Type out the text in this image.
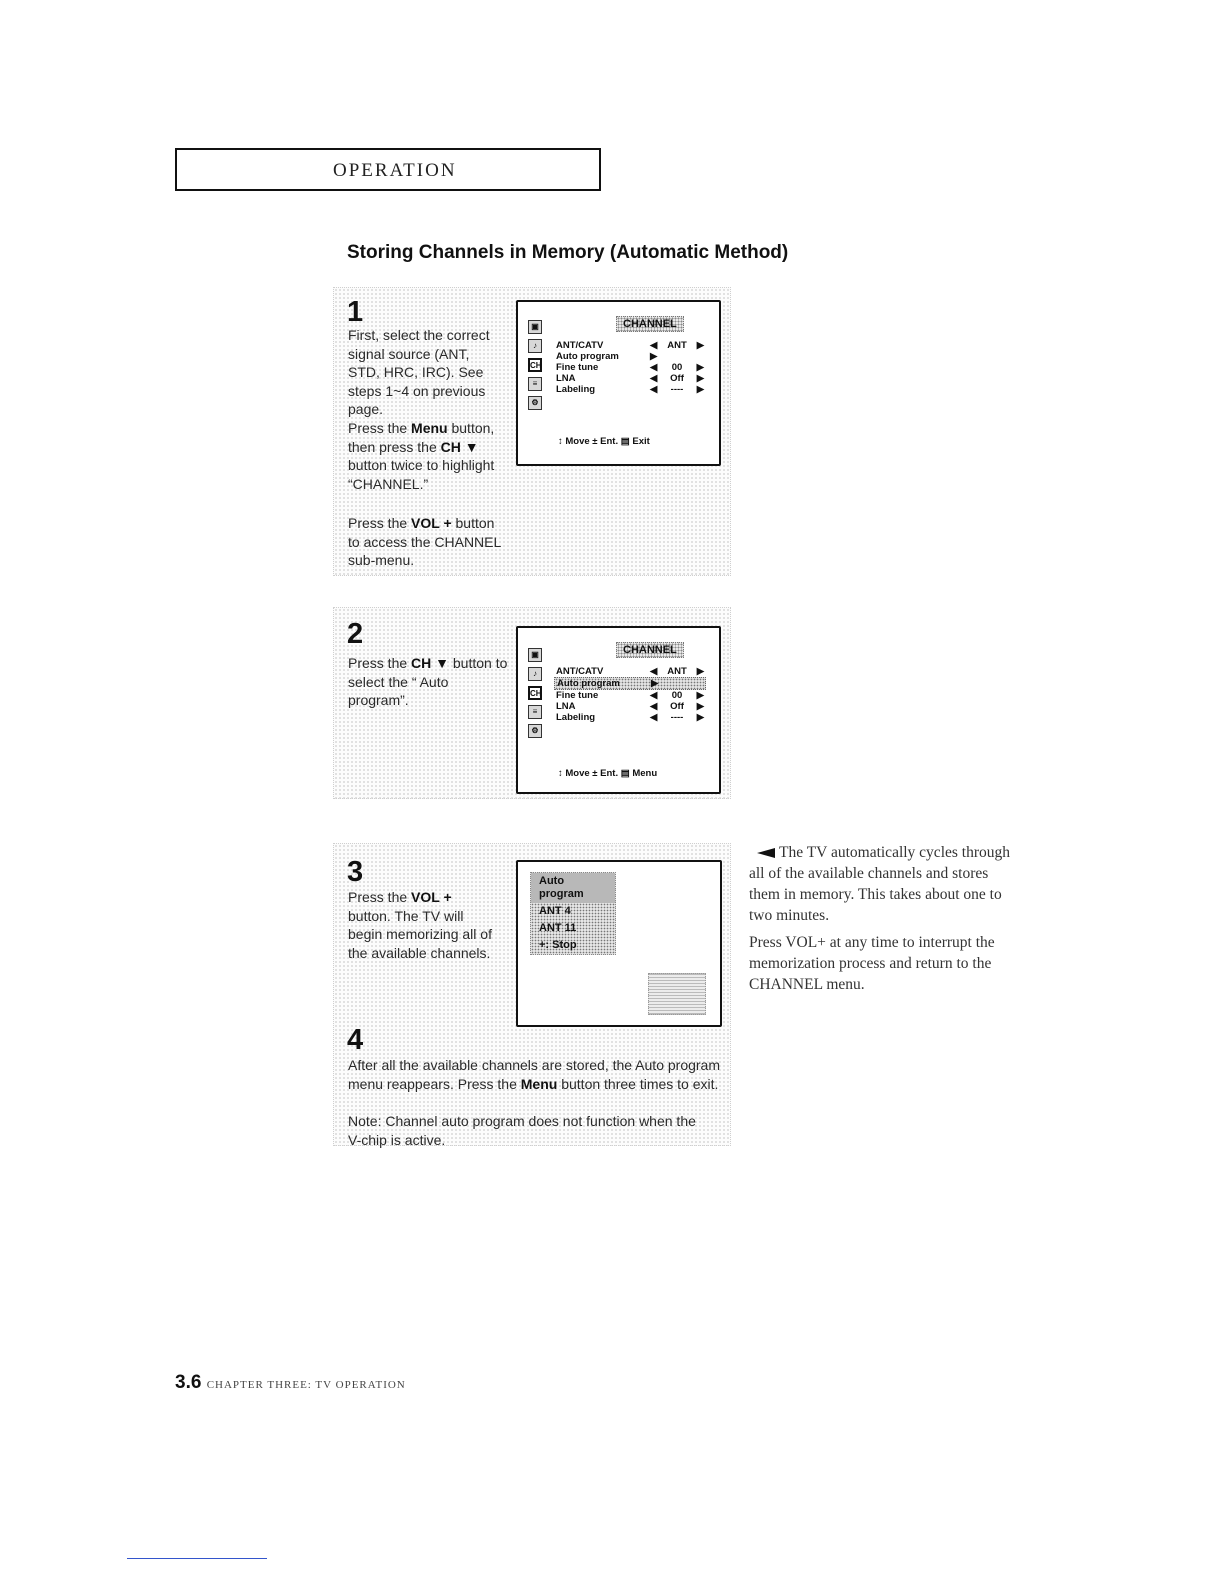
OPERATION
Storing Channels in Memory (Automatic Method)
1
First, select the correct signal source (ANT, STD, HRC, IRC). See steps 1~4 on previous page.
Press the Menu button, then press the CH ▼ button twice to highlight “CHANNEL.”
Press the VOL + button to access the CHANNEL sub-menu.
▣
♪
CH
≡
⚙
CHANNEL
ANT/CATV	◀ ANT ▶
Auto program	▶
Fine tune	◀ 00 ▶
LNA	◀ Off ▶
Labeling	◀ ---- ▶
↕ Move ± Ent. ▤ Exit
2
Press the CH ▼ button to select the “ Auto program”.
▣
♪
CH
≡
⚙
CHANNEL
ANT/CATV	◀ ANT ▶
Auto program	▶
Fine tune	◀ 00 ▶
LNA	◀ Off ▶
Labeling	◀ ---- ▶
↕ Move ± Ent. ▤ Menu
3
Press the VOL + button. The TV will begin memorizing all of the available channels.
Auto program
ANT 4
ANT 11
+: Stop
4
After all the available channels are stored, the Auto program menu reappears. Press the Menu button three times to exit.
Note: Channel auto program does not function when the V-chip is active.

The TV automatically cycles through all of the available channels and stores them in memory. This takes about one to two minutes.

Press VOL+ at any time to interrupt the memorization process and return to the CHANNEL menu.

3.6 CHAPTER THREE: TV OPERATION
